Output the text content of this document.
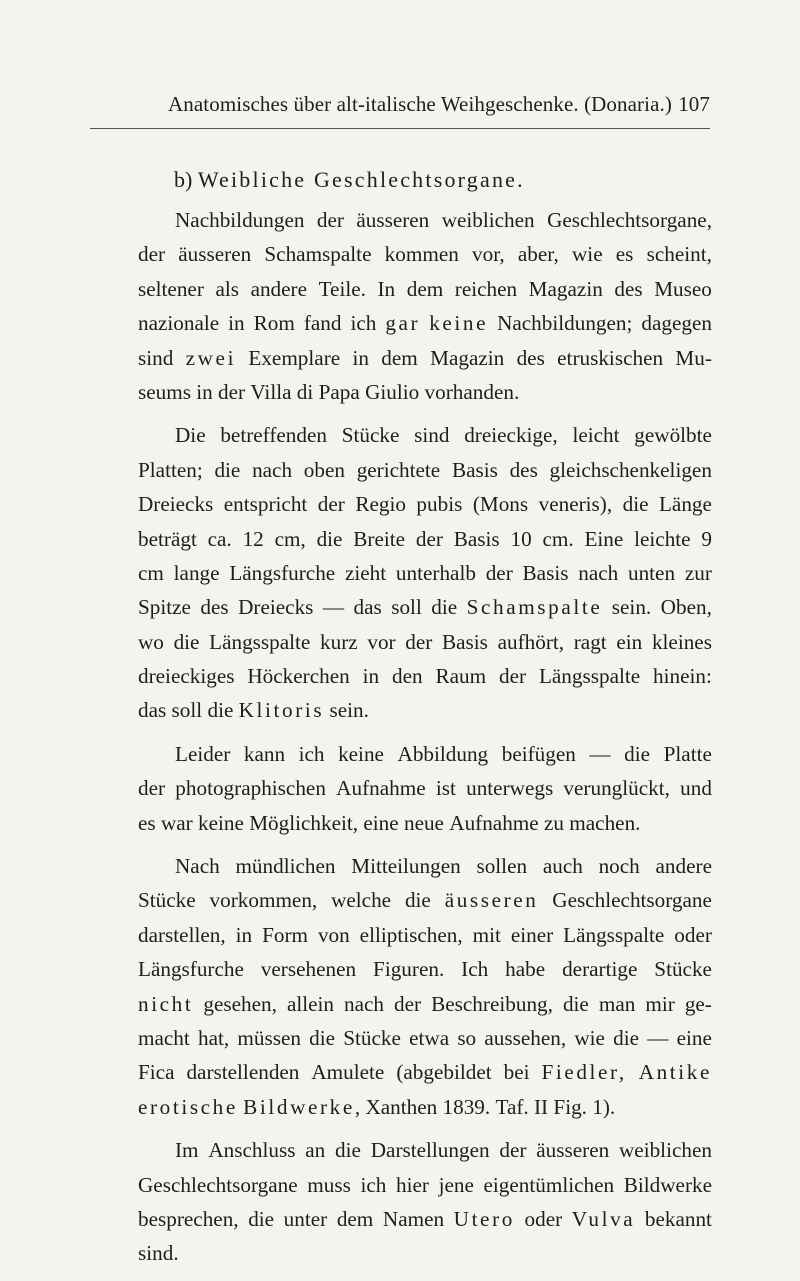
Anatomisches über alt-italische Weihgeschenke. (Donaria.) 107
b) Weibliche Geschlechtsorgane.
Nachbildungen der äusseren weiblichen Geschlechtsorgane,
der äusseren Schamspalte kommen vor, aber, wie es scheint,
seltener als andere Teile. In dem reichen Magazin des Museo
nazionale in Rom fand ich gar keine Nachbildungen; dagegen
sind zwei Exemplare in dem Magazin des etruskischen Mu-
seums
in
der
Villa
di
Papa
Giulio
vorhanden.
Die betreffenden Stücke sind dreieckige, leicht gewölbte
Platten; die nach oben gerichtete Basis des gleichschenkeligen
Dreiecks entspricht der Regio pubis (Mons veneris), die Länge
beträgt ca. 12 cm, die Breite der Basis 10 cm. Eine leichte 9
cm lange Längsfurche zieht unterhalb der Basis nach unten zur
Spitze des Dreiecks — das soll die Schamspalte sein. Oben,
wo die Längsspalte kurz vor der Basis aufhört, ragt ein kleines
dreieckiges Höckerchen in den Raum der Längsspalte hinein:
das
soll
die
Klitoris
sein.
Leider kann ich keine Abbildung beifügen — die Platte
der photographischen Aufnahme ist unterwegs verunglückt, und
es
war
keine
Möglichkeit,
eine
neue
Aufnahme
zu
machen.
Nach mündlichen Mitteilungen sollen auch noch andere
Stücke vorkommen, welche die äusseren Geschlechtsorgane
darstellen, in Form von elliptischen, mit einer Längsspalte oder
Längsfurche versehenen Figuren. Ich habe derartige Stücke
nicht gesehen, allein nach der Beschreibung, die man mir ge-
macht hat, müssen die Stücke etwa so aussehen, wie die — eine
Fica darstellenden Amulete (abgebildet bei Fiedler, Antike
erotische
Bildwerke,
Xanthen
1839.
Taf.
II
Fig.
1).
Im Anschluss an die Darstellungen der äusseren weiblichen
Geschlechtsorgane muss ich hier jene eigentümlichen Bildwerke
besprechen, die unter dem Namen Utero oder Vulva bekannt
sind.
